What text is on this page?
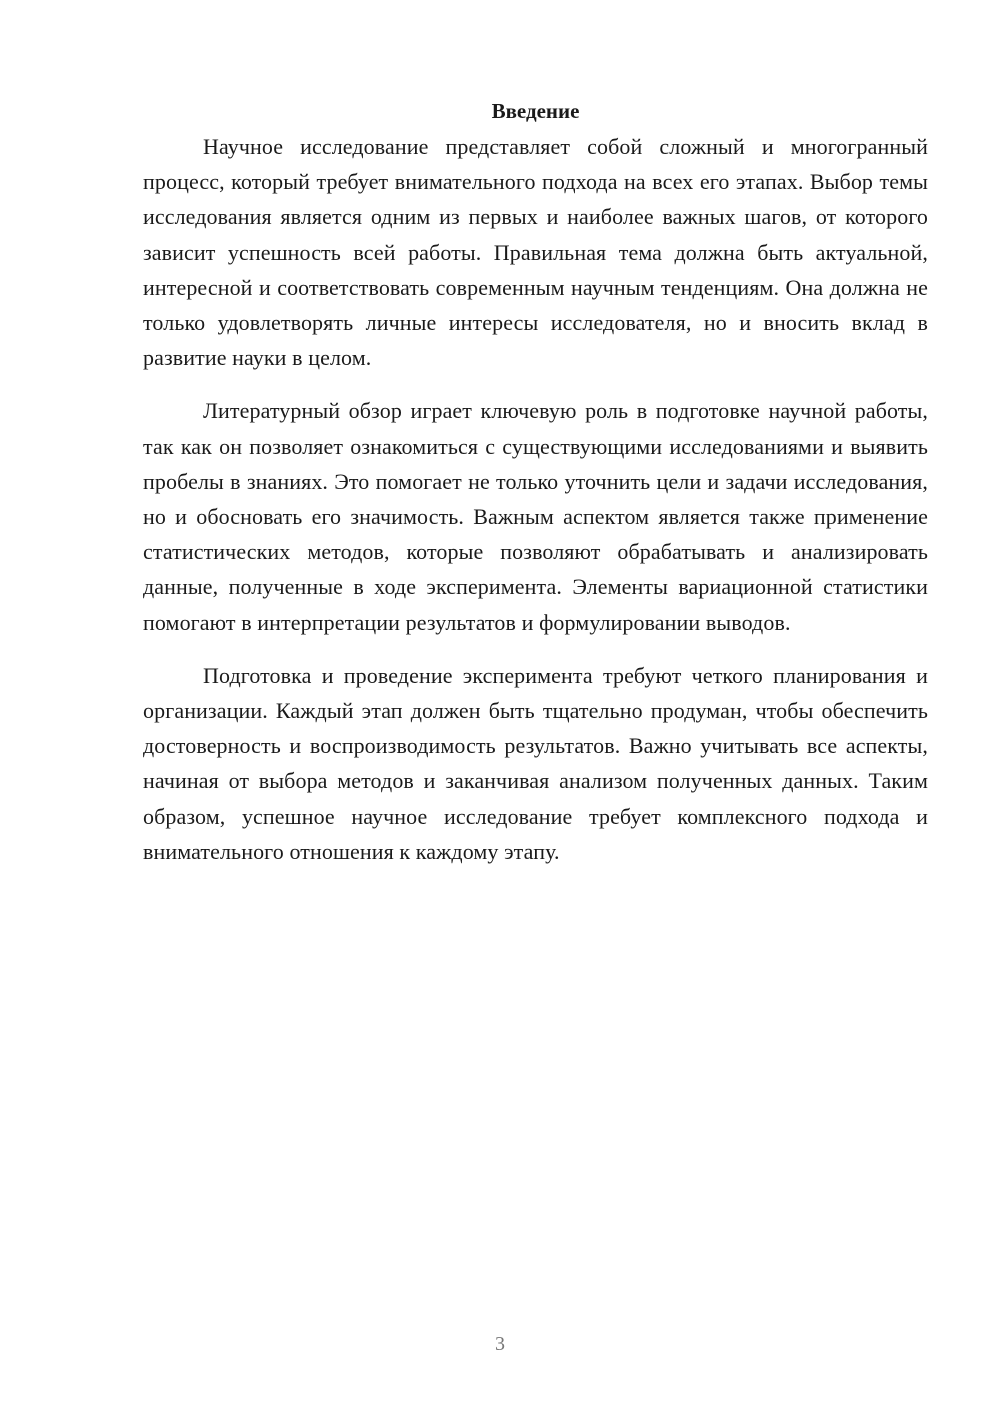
Введение

Научное исследование представляет собой сложный и многогранный процесс, который требует внимательного подхода на всех его этапах. Выбор темы исследования является одним из первых и наиболее важных шагов, от которого зависит успешность всей работы. Правильная тема должна быть актуальной, интересной и соответствовать современным научным тенденциям. Она должна не только удовлетворять личные интересы исследователя, но и вносить вклад в развитие науки в целом.

Литературный обзор играет ключевую роль в подготовке научной работы, так как он позволяет ознакомиться с существующими исследованиями и выявить пробелы в знаниях. Это помогает не только уточнить цели и задачи исследования, но и обосновать его значимость. Важным аспектом является также применение статистических методов, которые позволяют обрабатывать и анализировать данные, полученные в ходе эксперимента. Элементы вариационной статистики помогают в интерпретации результатов и формулировании выводов.

Подготовка и проведение эксперимента требуют четкого планирования и организации. Каждый этап должен быть тщательно продуман, чтобы обеспечить достоверность и воспроизводимость результатов. Важно учитывать все аспекты, начиная от выбора методов и заканчивая анализом полученных данных. Таким образом, успешное научное исследование требует комплексного подхода и внимательного отношения к каждому этапу.

3
